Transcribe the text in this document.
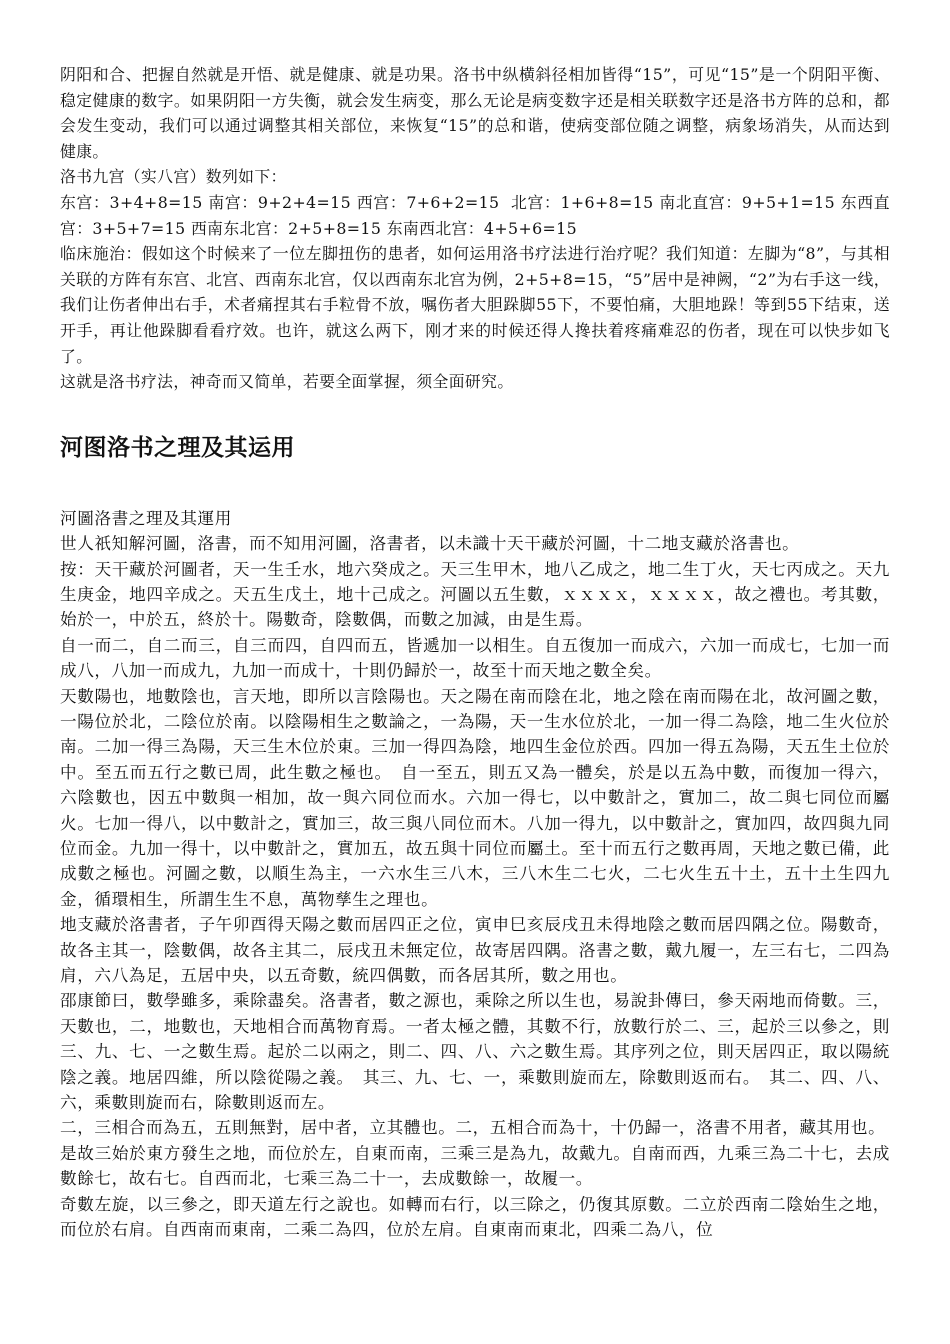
阴阳和合、把握自然就是开悟、就是健康、就是功果。洛书中纵横斜径相加皆得“15”，可见“15”是一个阴阳平衡、稳定健康的数字。如果阴阳一方失衡，就会发生病变，那么无论是病变数字还是相关联数字还是洛书方阵的总和，都会发生变动，我们可以通过调整其相关部位，来恢复“15”的总和谐，使病变部位随之调整，病象场消失，从而达到健康。

洛书九宫（实八宫）数列如下：

东宫：3+4+8=15 南宫：9+2+4=15 西宫：7+6+2=15  北宫：1+6+8=15 南北直宫：9+5+1=15 东西直宫：3+5+7=15 西南东北宫：2+5+8=15 东南西北宫：4+5+6=15

临床施治：假如这个时候来了一位左脚扭伤的患者，如何运用洛书疗法进行治疗呢？我们知道：左脚为“8”，与其相关联的方阵有东宫、北宫、西南东北宫，仅以西南东北宫为例，2+5+8=15，“5”居中是神阙，“2”为右手这一线，我们让伤者伸出右手，术者痛捏其右手粒骨不放，嘱伤者大胆跺脚55下，不要怕痛，大胆地跺！等到55下结束，送开手，再让他跺脚看看疗效。也许，就这么两下，刚才来的时候还得人搀扶着疼痛难忍的伤者，现在可以快步如飞了。

这就是洛书疗法，神奇而又简单，若要全面掌握，须全面研究。

河图洛书之理及其运用

河圖洛書之理及其運用

世人祇知解河圖，洛書，而不知用河圖，洛書者，以未識十天干藏於河圖，十二地支藏於洛書也。

按：天干藏於河圖者，天一生壬水，地六癸成之。天三生甲木，地八乙成之，地二生丁火，天七丙成之。天九生庚金，地四辛成之。天五生戊土，地十己成之。河圖以五生數，ｘｘｘｘ，ｘｘｘｘ，故之禮也。考其數，始於一，中於五，終於十。陽數奇，陰數偶，而數之加減，由是生焉。

自一而二，自二而三，自三而四，自四而五，皆遞加一以相生。自五復加一而成六，六加一而成七，七加一而成八，八加一而成九，九加一而成十，十則仍歸於一，故至十而天地之數全矣。

天數陽也，地數陰也，言天地，即所以言陰陽也。天之陽在南而陰在北，地之陰在南而陽在北，故河圖之數，一陽位於北，二陰位於南。以陰陽相生之數論之，一為陽，天一生水位於北，一加一得二為陰，地二生火位於南。二加一得三為陽，天三生木位於東。三加一得四為陰，地四生金位於西。四加一得五為陽，天五生土位於中。至五而五行之數已周，此生數之極也。　自一至五，則五又為一體矣，於是以五為中數，而復加一得六，六陰數也，因五中數與一相加，故一與六同位而水。六加一得七，以中數計之，實加二，故二與七同位而屬火。七加一得八，以中數計之，實加三，故三與八同位而木。八加一得九，以中數計之，實加四，故四與九同位而金。九加一得十，以中數計之，實加五，故五與十同位而屬土。至十而五行之數再周，天地之數已備，此成數之極也。河圖之數，以順生為主，一六水生三八木，三八木生二七火，二七火生五十土，五十土生四九金，循環相生，所謂生生不息，萬物孳生之理也。

地支藏於洛書者，子午卯酉得天陽之數而居四正之位，寅申巳亥辰戌丑未得地陰之數而居四隅之位。陽數奇，故各主其一，陰數偶，故各主其二，辰戌丑未無定位，故寄居四隅。洛書之數，戴九履一，左三右七，二四為肩，六八為足，五居中央，以五奇數，統四偶數，而各居其所，數之用也。

邵康節曰，數學雖多，乘除盡矣。洛書者，數之源也，乘除之所以生也，易說卦傳曰，參天兩地而倚數。三，天數也，二，地數也，天地相合而萬物育焉。一者太極之體，其數不行，放數行於二、三，起於三以參之，則三、九、七、一之數生焉。起於二以兩之，則二、四、八、六之數生焉。其序列之位，則天居四正，取以陽統陰之義。地居四維，所以陰從陽之義。　其三、九、七、一，乘數則旋而左，除數則返而右。　其二、四、八、六，乘數則旋而右，除數則返而左。

二，三相合而為五，五則無對，居中者，立其體也。二，五相合而為十，十仍歸一，洛書不用者，藏其用也。

是故三始於東方發生之地，而位於左，自東而南，三乘三是為九，故戴九。自南而西，九乘三為二十七，去成數餘七，故右七。自西而北，七乘三為二十一，去成數餘一，故履一。

奇數左旋，以三參之，即天道左行之說也。如轉而右行，以三除之，仍復其原數。二立於西南二陰始生之地，而位於右肩。自西南而東南，二乘二為四，位於左肩。自東南而東北，四乘二為八，位
